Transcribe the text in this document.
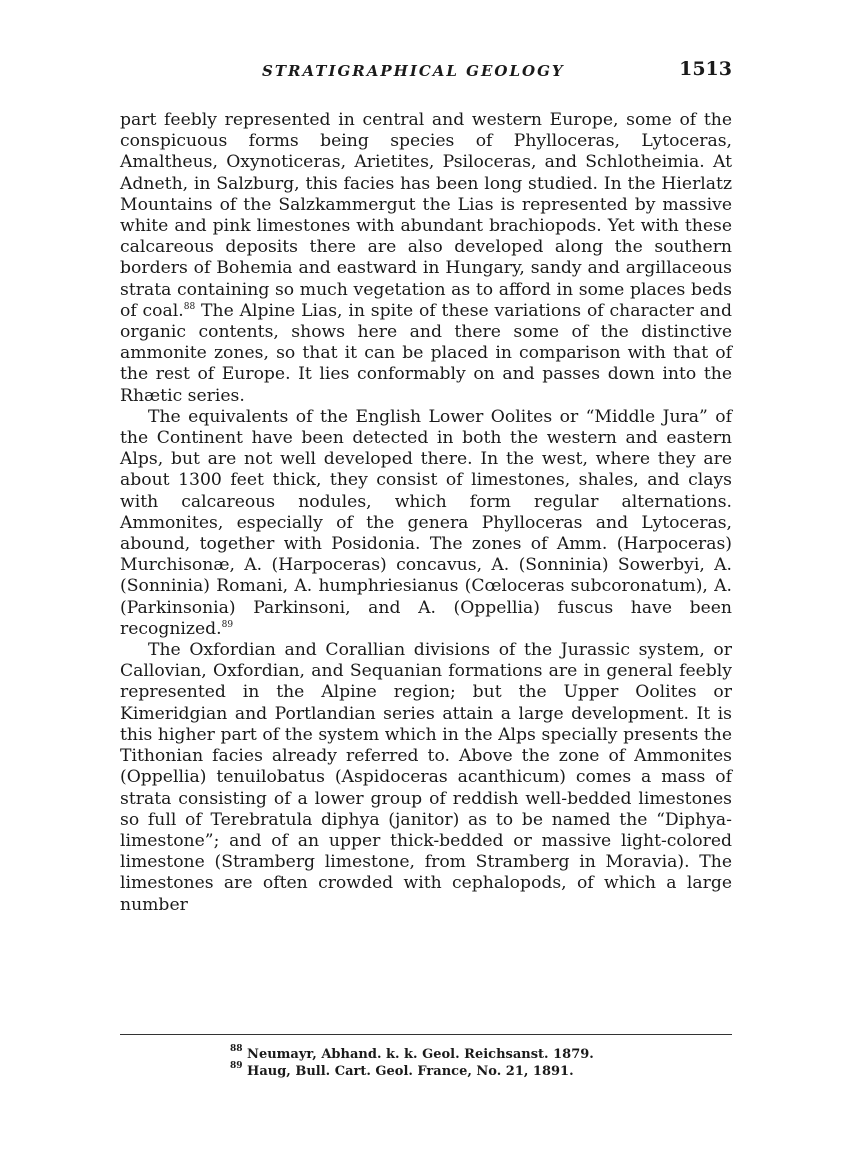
STRATIGRAPHICAL GEOLOGY	1513

part feebly represented in central and western Europe, some of the conspicuous forms being species of Phylloceras, Lytoceras, Amaltheus, Oxynoticeras, Arietites, Psiloceras, and Schlotheimia. At Adneth, in Salzburg, this facies has been long studied. In the Hierlatz Mountains of the Salzkammergut the Lias is represented by massive white and pink limestones with abundant brachiopods. Yet with these calcareous deposits there are also developed along the southern borders of Bohemia and eastward in Hungary, sandy and argillaceous strata containing so much vegetation as to afford in some places beds of coal.$^{88}$ The Alpine Lias, in spite of these variations of character and organic contents, shows here and there some of the distinctive ammonite zones, so that it can be placed in comparison with that of the rest of Europe. It lies conformably on and passes down into the Rhætic series.

The equivalents of the English Lower Oolites or “Middle Jura” of the Continent have been detected in both the western and eastern Alps, but are not well developed there. In the west, where they are about 1300 feet thick, they consist of limestones, shales, and clays with calcareous nodules, which form regular alternations. Ammonites, especially of the genera Phylloceras and Lytoceras, abound, together with Posidonia. The zones of Amm. (Harpoceras) Murchisonæ, A. (Harpoceras) concavus, A. (Sonninia) Sowerbyi, A. (Sonninia) Romani, A. humphriesianus (Cœloceras subcoronatum), A. (Parkinsonia) Parkinsoni, and A. (Oppellia) fuscus have been recognized.$^{89}$

The Oxfordian and Corallian divisions of the Jurassic system, or Callovian, Oxfordian, and Sequanian formations are in general feebly represented in the Alpine region; but the Upper Oolites or Kimeridgian and Portlandian series attain a large development. It is this higher part of the system which in the Alps specially presents the Tithonian facies already referred to. Above the zone of Ammonites (Oppellia) tenuilobatus (Aspidoceras acanthicum) comes a mass of strata consisting of a lower group of reddish well-bedded limestones so full of Terebratula diphya (janitor) as to be named the “Diphya-limestone”; and of an upper thick-bedded or massive light-colored limestone (Stramberg limestone, from Stramberg in Moravia). The limestones are often crowded with cephalopods, of which a large number

$^{88}$ Neumayr, Abhand. k. k. Geol. Reichsanst. 1879.
$^{89}$ Haug, Bull. Cart. Geol. France, No. 21, 1891.
